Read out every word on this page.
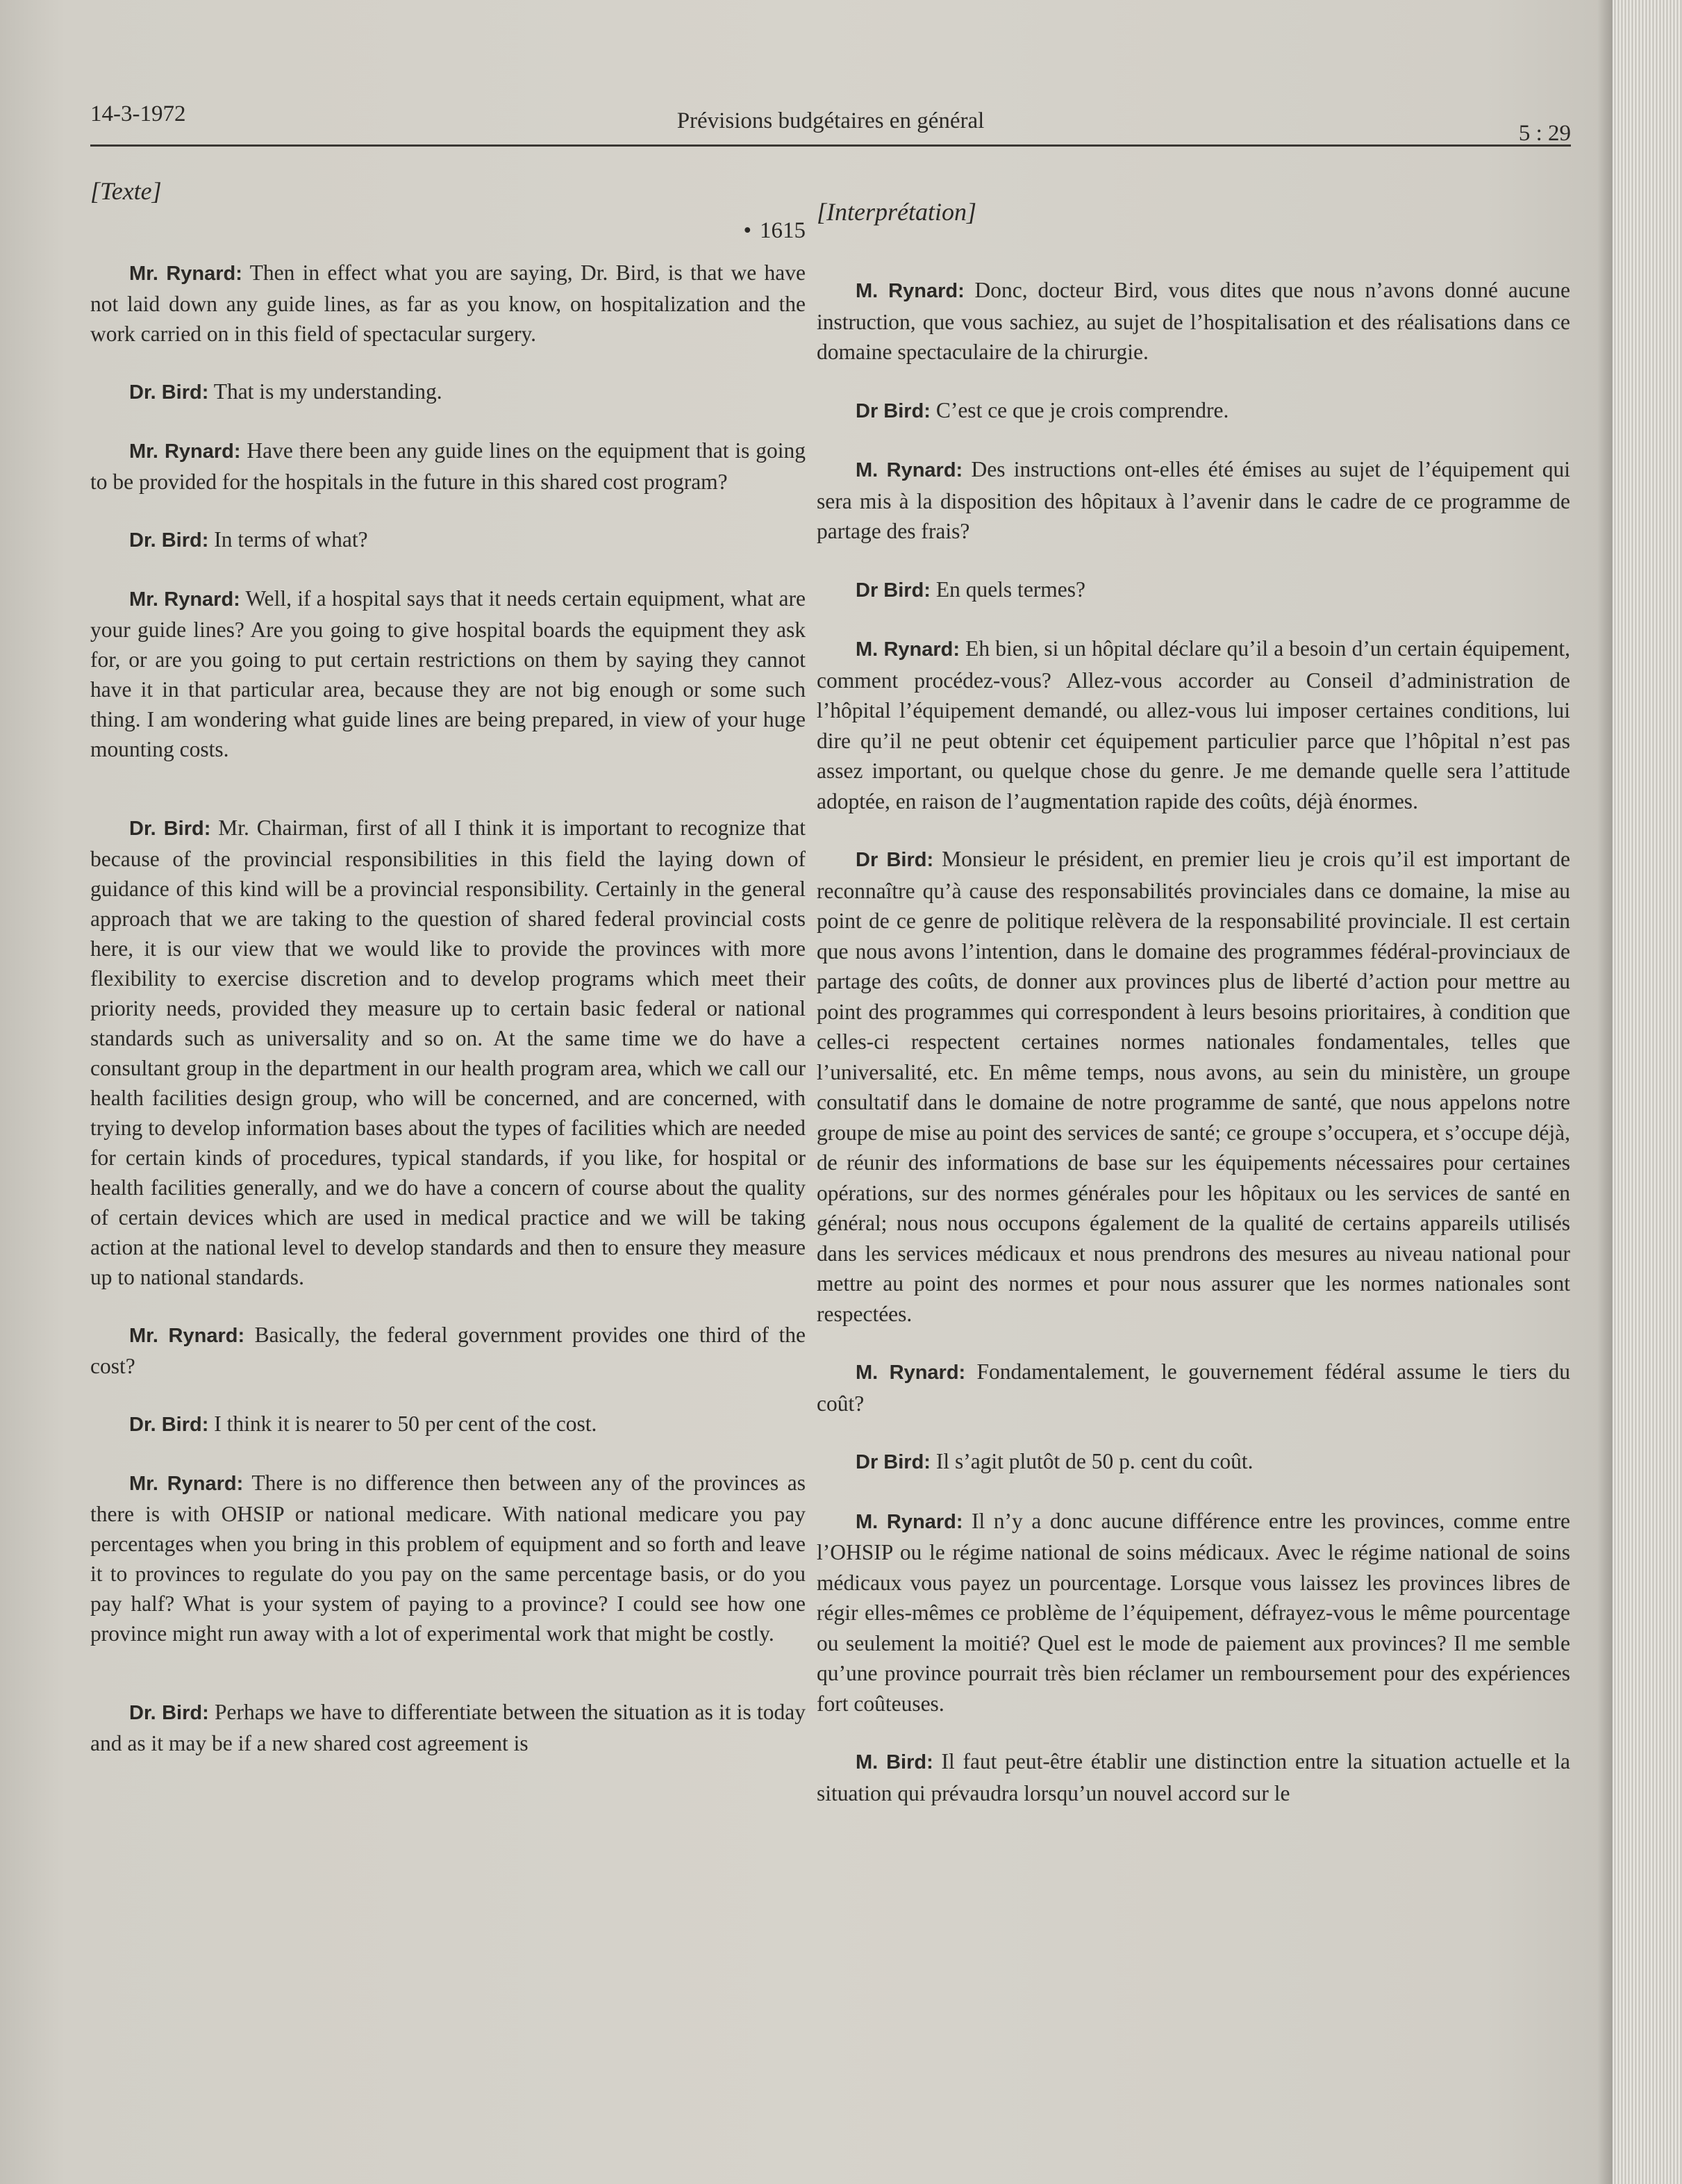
14-3-1972	Prévisions budgétaires en général	5 : 29
[Texte]
• 1615

Mr. Rynard: Then in effect what you are saying, Dr. Bird, is that we have not laid down any guide lines, as far as you know, on hospitalization and the work carried on in this field of spectacular surgery.

Dr. Bird: That is my understanding.

Mr. Rynard: Have there been any guide lines on the equipment that is going to be provided for the hospitals in the future in this shared cost program?

Dr. Bird: In terms of what?

Mr. Rynard: Well, if a hospital says that it needs certain equipment, what are your guide lines? Are you going to give hospital boards the equipment they ask for, or are you going to put certain restrictions on them by saying they cannot have it in that particular area, because they are not big enough or some such thing. I am wondering what guide lines are being prepared, in view of your huge mounting costs.

Dr. Bird: Mr. Chairman, first of all I think it is important to recognize that because of the provincial responsibilities in this field the laying down of guidance of this kind will be a provincial responsibility. Certainly in the general approach that we are taking to the question of shared federal provincial costs here, it is our view that we would like to provide the provinces with more flexibility to exercise discretion and to develop programs which meet their priority needs, provided they measure up to certain basic federal or national standards such as universality and so on. At the same time we do have a consultant group in the department in our health program area, which we call our health facilities design group, who will be concerned, and are concerned, with trying to develop information bases about the types of facilities which are needed for certain kinds of procedures, typical standards, if you like, for hospital or health facilities generally, and we do have a concern of course about the quality of certain devices which are used in medical practice and we will be taking action at the national level to develop standards and then to ensure they measure up to national standards.

Mr. Rynard: Basically, the federal government provides one third of the cost?

Dr. Bird: I think it is nearer to 50 per cent of the cost.

Mr. Rynard: There is no difference then between any of the provinces as there is with OHSIP or national medicare. With national medicare you pay percentages when you bring in this problem of equipment and so forth and leave it to provinces to regulate do you pay on the same percentage basis, or do you pay half? What is your system of paying to a province? I could see how one province might run away with a lot of experimental work that might be costly.

Dr. Bird: Perhaps we have to differentiate between the situation as it is today and as it may be if a new shared cost agreement is

[Interprétation]

M. Rynard: Donc, docteur Bird, vous dites que nous n’avons donné aucune instruction, que vous sachiez, au sujet de l’hospitalisation et des réalisations dans ce domaine spectaculaire de la chirurgie.

Dr Bird: C’est ce que je crois comprendre.

M. Rynard: Des instructions ont-elles été émises au sujet de l’équipement qui sera mis à la disposition des hôpitaux à l’avenir dans le cadre de ce programme de partage des frais?

Dr Bird: En quels termes?

M. Rynard: Eh bien, si un hôpital déclare qu’il a besoin d’un certain équipement, comment procédez-vous? Allez-vous accorder au Conseil d’administration de l’hôpital l’équipement demandé, ou allez-vous lui imposer certaines conditions, lui dire qu’il ne peut obtenir cet équipement particulier parce que l’hôpital n’est pas assez important, ou quelque chose du genre. Je me demande quelle sera l’attitude adoptée, en raison de l’augmentation rapide des coûts, déjà énormes.

Dr Bird: Monsieur le président, en premier lieu je crois qu’il est important de reconnaître qu’à cause des responsabilités provinciales dans ce domaine, la mise au point de ce genre de politique relèvera de la responsabilité provinciale. Il est certain que nous avons l’intention, dans le domaine des programmes fédéral-provinciaux de partage des coûts, de donner aux provinces plus de liberté d’action pour mettre au point des programmes qui correspondent à leurs besoins prioritaires, à condition que celles-ci respectent certaines normes nationales fondamentales, telles que l’universalité, etc. En même temps, nous avons, au sein du ministère, un groupe consultatif dans le domaine de notre programme de santé, que nous appelons notre groupe de mise au point des services de santé; ce groupe s’occupera, et s’occupe déjà, de réunir des informations de base sur les équipements nécessaires pour certaines opérations, sur des normes générales pour les hôpitaux ou les services de santé en général; nous nous occupons également de la qualité de certains appareils utilisés dans les services médicaux et nous prendrons des mesures au niveau national pour mettre au point des normes et pour nous assurer que les normes nationales sont respectées.

M. Rynard: Fondamentalement, le gouvernement fédéral assume le tiers du coût?

Dr Bird: Il s’agit plutôt de 50 p. cent du coût.

M. Rynard: Il n’y a donc aucune différence entre les provinces, comme entre l’OHSIP ou le régime national de soins médicaux. Avec le régime national de soins médicaux vous payez un pourcentage. Lorsque vous laissez les provinces libres de régir elles-mêmes ce problème de l’équipement, défrayez-vous le même pourcentage ou seulement la moitié? Quel est le mode de paiement aux provinces? Il me semble qu’une province pourrait très bien réclamer un remboursement pour des expériences fort coûteuses.

M. Bird: Il faut peut-être établir une distinction entre la situation actuelle et la situation qui prévaudra lorsqu’un nouvel accord sur le
